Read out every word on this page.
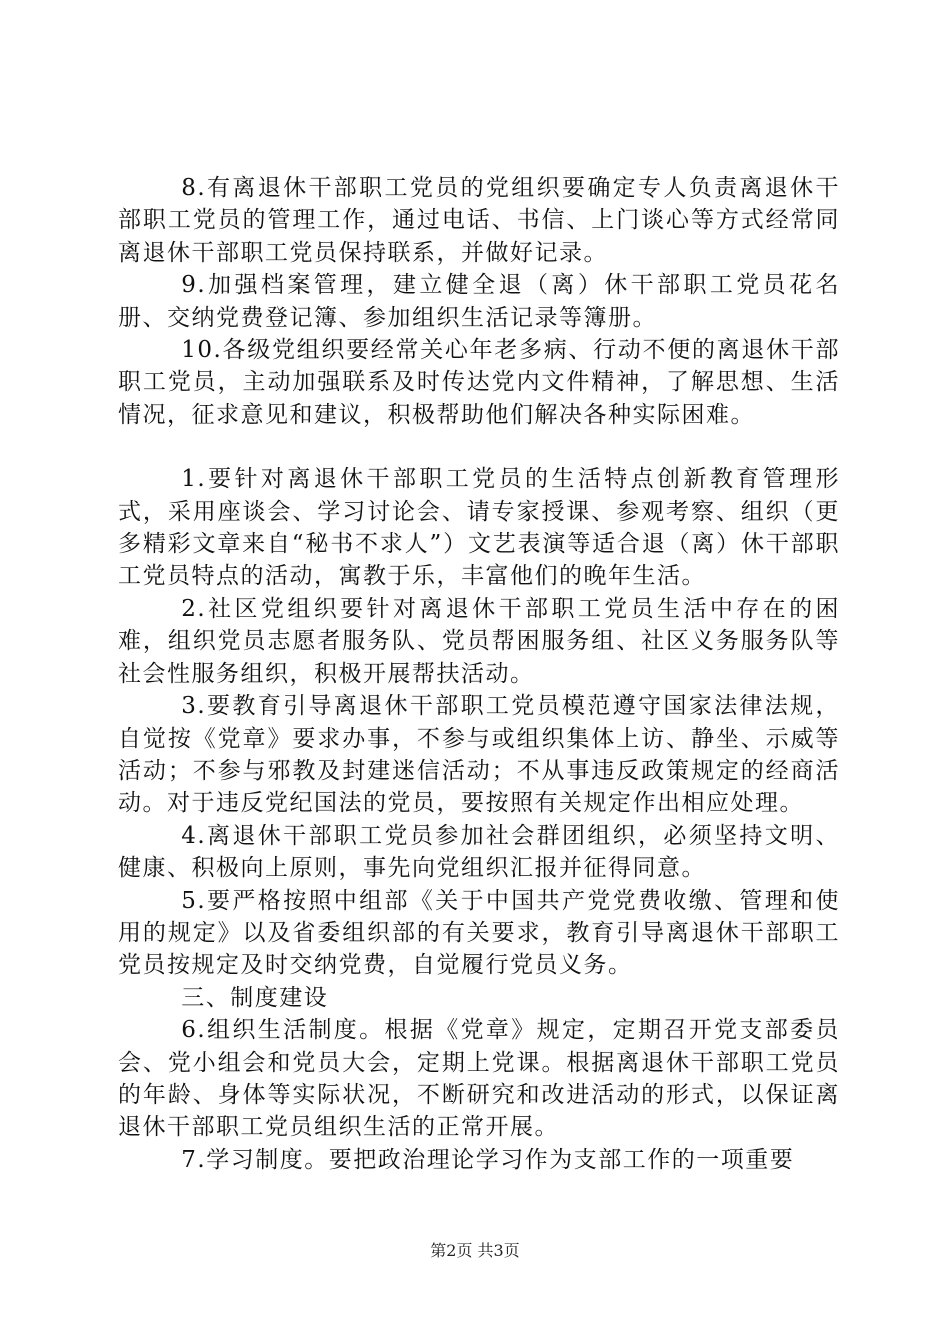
8.有离退休干部职工党员的党组织要确定专人负责离退休干部职工党员的管理工作，通过电话、书信、上门谈心等方式经常同离退休干部职工党员保持联系，并做好记录。

9.加强档案管理，建立健全退（离）休干部职工党员花名册、交纳党费登记簿、参加组织生活记录等簿册。

10.各级党组织要经常关心年老多病、行动不便的离退休干部职工党员，主动加强联系及时传达党内文件精神，了解思想、生活情况，征求意见和建议，积极帮助他们解决各种实际困难。

1.要针对离退休干部职工党员的生活特点创新教育管理形式，采用座谈会、学习讨论会、请专家授课、参观考察、组织（更多精彩文章来自“秘书不求人”）文艺表演等适合退（离）休干部职工党员特点的活动，寓教于乐，丰富他们的晚年生活。

2.社区党组织要针对离退休干部职工党员生活中存在的困难，组织党员志愿者服务队、党员帮困服务组、社区义务服务队等社会性服务组织，积极开展帮扶活动。

3.要教育引导离退休干部职工党员模范遵守国家法律法规，自觉按《党章》要求办事，不参与或组织集体上访、静坐、示威等活动；不参与邪教及封建迷信活动；不从事违反政策规定的经商活动。对于违反党纪国法的党员，要按照有关规定作出相应处理。

4.离退休干部职工党员参加社会群团组织，必须坚持文明、健康、积极向上原则，事先向党组织汇报并征得同意。

5.要严格按照中组部《关于中国共产党党费收缴、管理和使用的规定》以及省委组织部的有关要求，教育引导离退休干部职工党员按规定及时交纳党费，自觉履行党员义务。

三、制度建设

6.组织生活制度。根据《党章》规定，定期召开党支部委员会、党小组会和党员大会，定期上党课。根据离退休干部职工党员的年龄、身体等实际状况，不断研究和改进活动的形式，以保证离退休干部职工党员组织生活的正常开展。

7.学习制度。要把政治理论学习作为支部工作的一项重要

第2页 共3页
